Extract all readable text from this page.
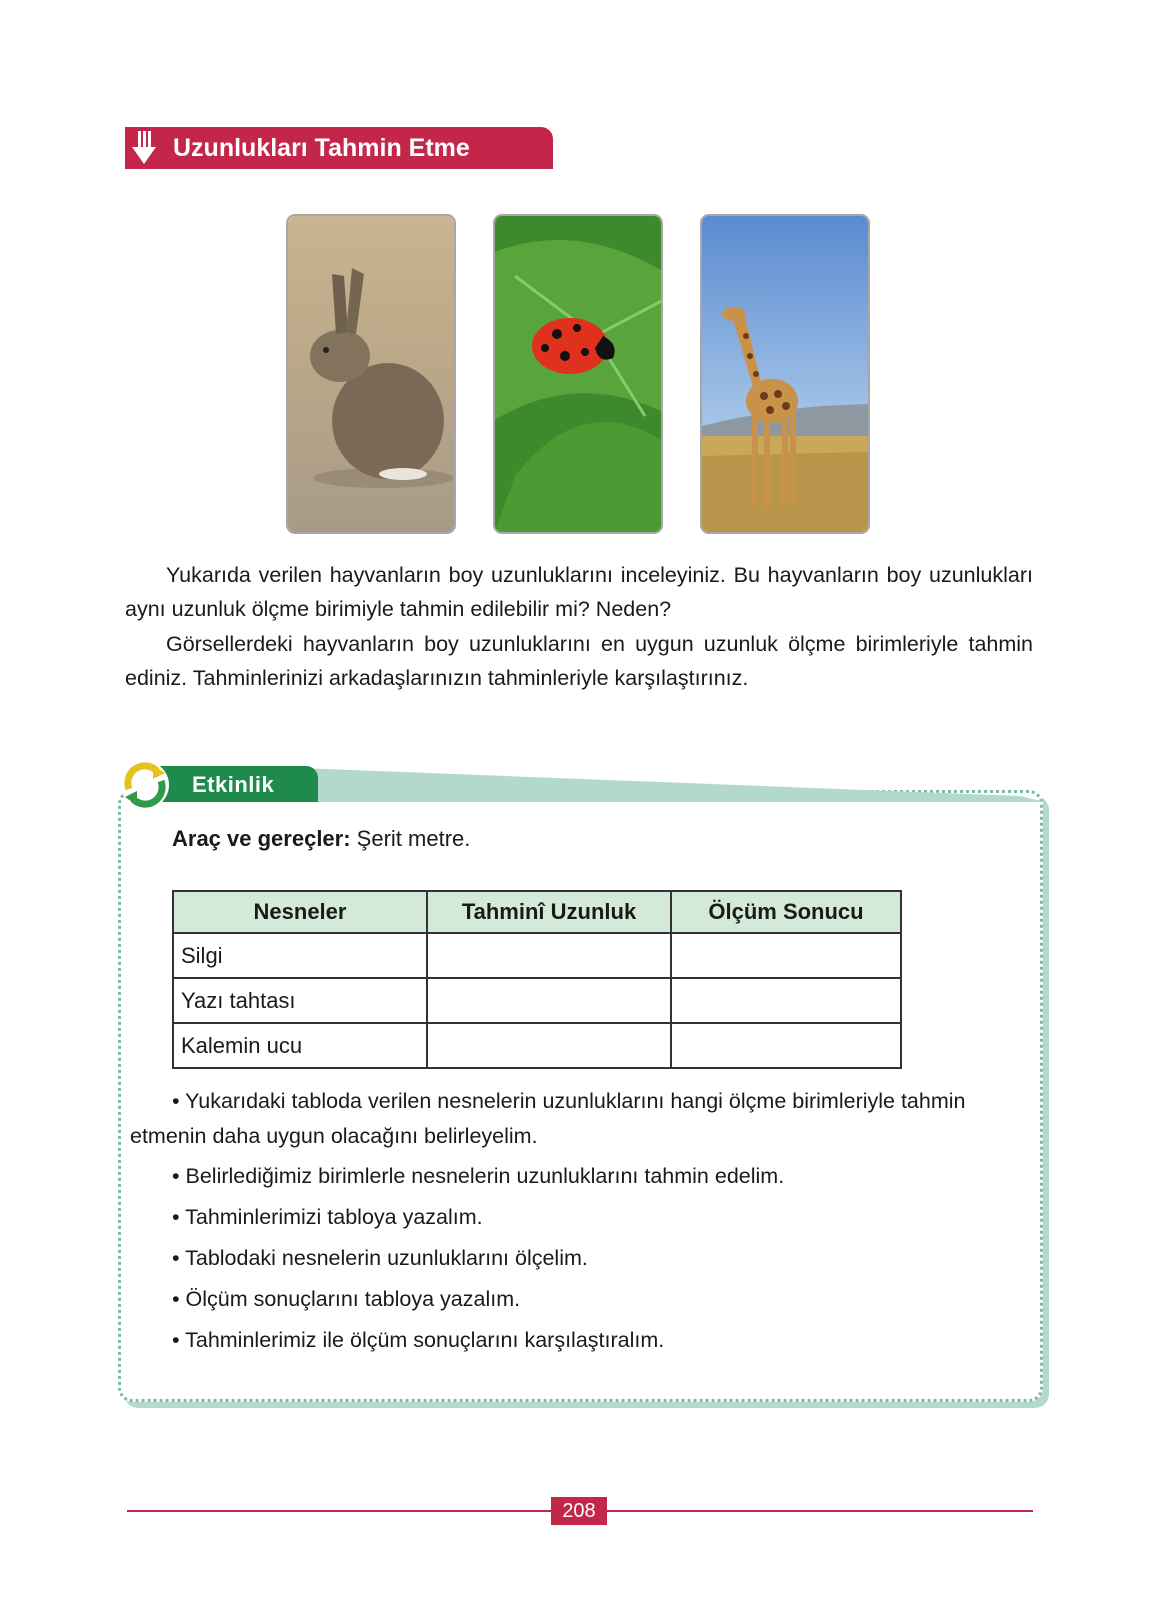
Uzunlukları Tahmin Etme

Yukarıda verilen hayvanların boy uzunluklarını inceleyiniz. Bu hayvanların boy uzunlukları aynı uzunluk ölçme birimiyle tahmin edilebilir mi? Neden?

Görsellerdeki hayvanların boy uzunluklarını en uygun uzunluk ölçme birimleriyle tahmin ediniz. Tahminlerinizi arkadaşlarınızın tahminleriyle karşılaştırınız.

Etkinlik
Araç ve gereçler: Şerit metre.
Nesneler	Tahminî Uzunluk	Ölçüm Sonucu
Silgi		
Yazı tahtası		
Kalemin ucu		
• Yukarıdaki tabloda verilen nesnelerin uzunluklarını hangi ölçme birimleriyle tahmin etmenin daha uygun olacağını belirleyelim.
• Belirlediğimiz birimlerle nesnelerin uzunluklarını tahmin edelim.
• Tahminlerimizi tabloya yazalım.
• Tablodaki nesnelerin uzunluklarını ölçelim.
• Ölçüm sonuçlarını tabloya yazalım.
• Tahminlerimiz ile ölçüm sonuçlarını karşılaştıralım.
208
